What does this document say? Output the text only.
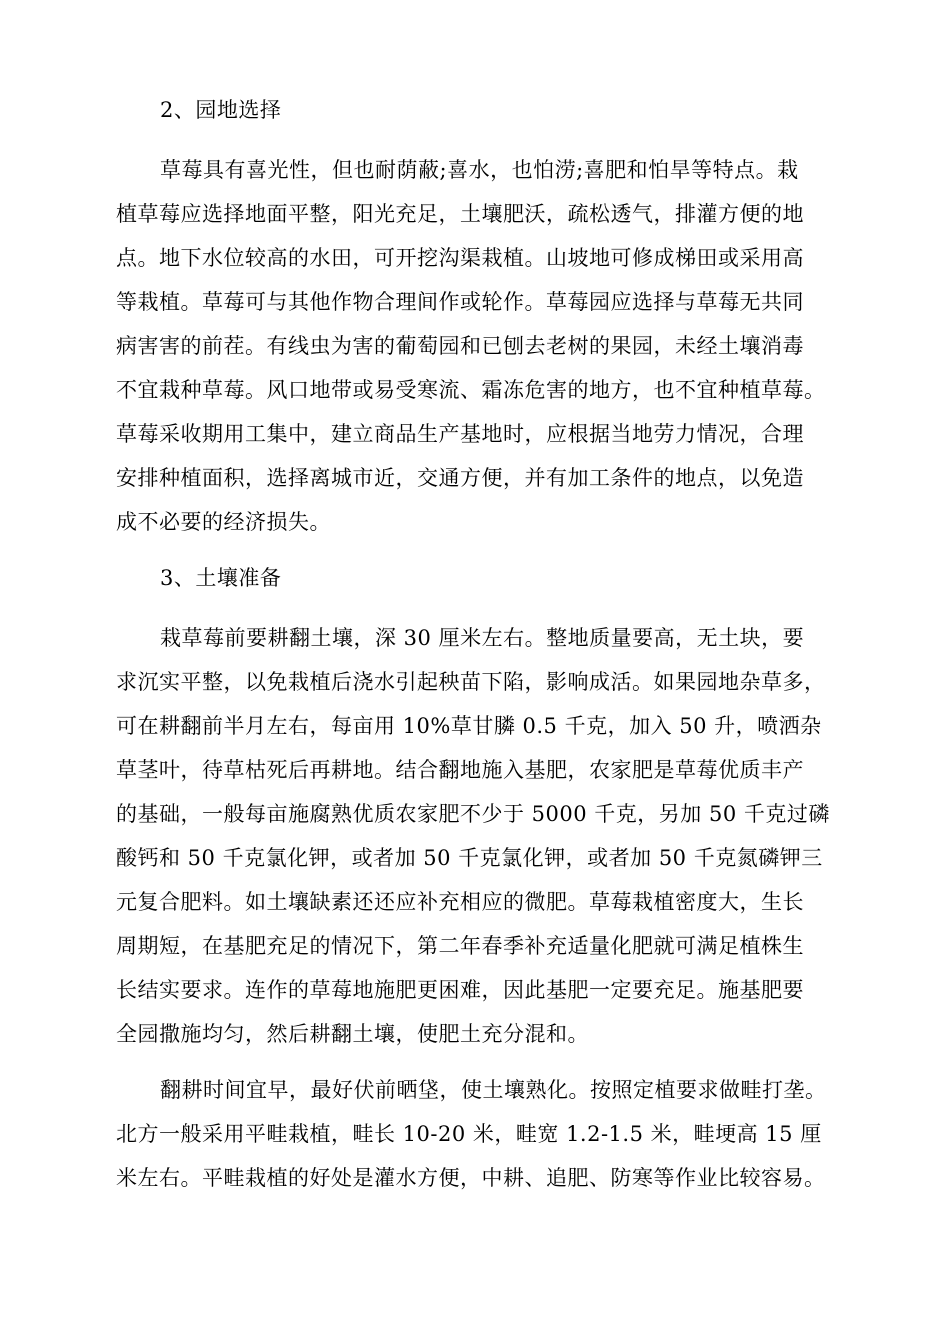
2、园地选择
草莓具有喜光性，但也耐荫蔽;喜水，也怕涝;喜肥和怕旱等特点。栽
植草莓应选择地面平整，阳光充足，土壤肥沃，疏松透气，排灌方便的地
点。地下水位较高的水田，可开挖沟渠栽植。山坡地可修成梯田或采用高
等栽植。草莓可与其他作物合理间作或轮作。草莓园应选择与草莓无共同
病害害的前茬。有线虫为害的葡萄园和已刨去老树的果园，未经土壤消毒
不宜栽种草莓。风口地带或易受寒流、霜冻危害的地方，也不宜种植草莓。
草莓采收期用工集中，建立商品生产基地时，应根据当地劳力情况，合理
安排种植面积，选择离城市近，交通方便，并有加工条件的地点，以免造
成不必要的经济损失。
3、土壤准备
栽草莓前要耕翻土壤，深 30 厘米左右。整地质量要高，无土块，要
求沉实平整，以免栽植后浇水引起秧苗下陷，影响成活。如果园地杂草多，
可在耕翻前半月左右，每亩用 10%草甘膦 0.5 千克，加入 50 升，喷洒杂
草茎叶，待草枯死后再耕地。结合翻地施入基肥，农家肥是草莓优质丰产
的基础，一般每亩施腐熟优质农家肥不少于 5000 千克，另加 50 千克过磷
酸钙和 50 千克氯化钾，或者加 50 千克氯化钾，或者加 50 千克氮磷钾三
元复合肥料。如土壤缺素还还应补充相应的微肥。草莓栽植密度大，生长
周期短，在基肥充足的情况下，第二年春季补充适量化肥就可满足植株生
长结实要求。连作的草莓地施肥更困难，因此基肥一定要充足。施基肥要
全园撒施均匀，然后耕翻土壤，使肥土充分混和。
翻耕时间宜早，最好伏前晒垡，使土壤熟化。按照定植要求做畦打垄。
北方一般采用平畦栽植，畦长 10-20 米，畦宽 1.2-1.5 米，畦埂高 15 厘
米左右。平畦栽植的好处是灌水方便，中耕、追肥、防寒等作业比较容易。
